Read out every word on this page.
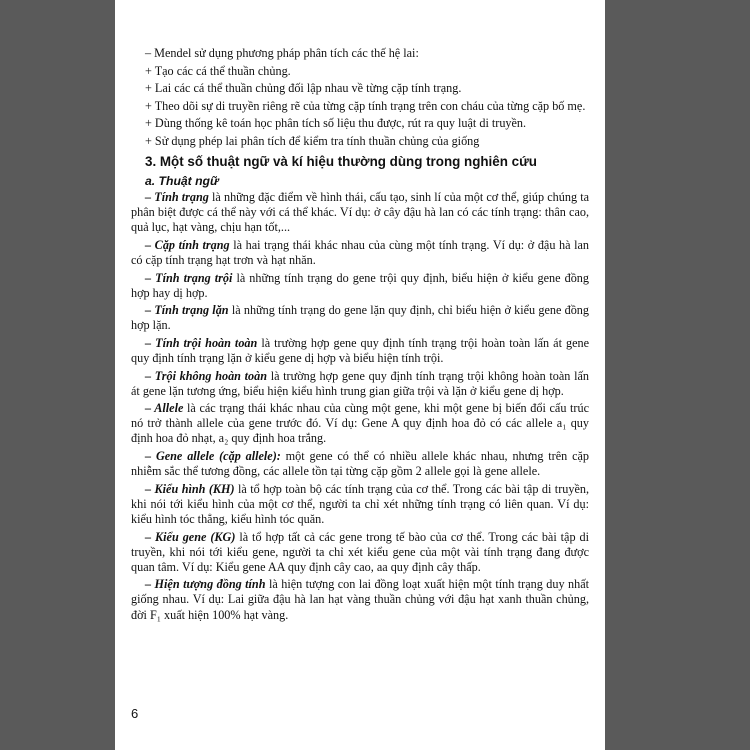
– Mendel sử dụng phương pháp phân tích các thế hệ lai:

+ Tạo các cá thể thuần chủng.

+ Lai các cá thể thuần chủng đối lập nhau về từng cặp tính trạng.

+ Theo dõi sự di truyền riêng rẽ của từng cặp tính trạng trên con cháu của từng cặp bố mẹ.

+ Dùng thống kê toán học phân tích số liệu thu được, rút ra quy luật di truyền.

+ Sử dụng phép lai phân tích để kiểm tra tính thuần chủng của giống

3. Một số thuật ngữ và kí hiệu thường dùng trong nghiên cứu
a. Thuật ngữ

– Tính trạng là những đặc điểm về hình thái, cấu tạo, sinh lí của một cơ thể, giúp chúng ta phân biệt được cá thể này với cá thể khác. Ví dụ: ở cây đậu hà lan có các tính trạng: thân cao, quả lục, hạt vàng, chịu hạn tốt,...

– Cặp tính trạng là hai trạng thái khác nhau của cùng một tính trạng. Ví dụ: ở đậu hà lan có cặp tính trạng hạt trơn và hạt nhăn.

– Tính trạng trội là những tính trạng do gene trội quy định, biểu hiện ở kiểu gene đồng hợp hay dị hợp.

– Tính trạng lặn là những tính trạng do gene lặn quy định, chỉ biểu hiện ở kiểu gene đồng hợp lặn.

– Tính trội hoàn toàn là trường hợp gene quy định tính trạng trội hoàn toàn lấn át gene quy định tính trạng lặn ở kiểu gene dị hợp và biểu hiện tính trội.

– Trội không hoàn toàn là trường hợp gene quy định tính trạng trội không hoàn toàn lấn át gene lặn tương ứng, biểu hiện kiểu hình trung gian giữa trội và lặn ở kiểu gene dị hợp.

– Allele là các trạng thái khác nhau của cùng một gene, khi một gene bị biến đổi cấu trúc nó trở thành allele của gene trước đó. Ví dụ: Gene A quy định hoa đỏ có các allele a₁ quy định hoa đỏ nhạt, a₂ quy định hoa trắng.

– Gene allele (cặp allele): một gene có thể có nhiều allele khác nhau, nhưng trên cặp nhiễm sắc thể tương đồng, các allele tồn tại từng cặp gồm 2 allele gọi là gene allele.

– Kiểu hình (KH) là tổ hợp toàn bộ các tính trạng của cơ thể. Trong các bài tập di truyền, khi nói tới kiểu hình của một cơ thể, người ta chỉ xét những tính trạng có liên quan. Ví dụ: kiểu hình tóc thẳng, kiểu hình tóc quăn.

– Kiểu gene (KG) là tổ hợp tất cả các gene trong tế bào của cơ thể. Trong các bài tập di truyền, khi nói tới kiểu gene, người ta chỉ xét kiểu gene của một vài tính trạng đang được quan tâm. Ví dụ: Kiểu gene AA quy định cây cao, aa quy định cây thấp.

– Hiện tượng đồng tính là hiện tượng con lai đồng loạt xuất hiện một tính trạng duy nhất giống nhau. Ví dụ: Lai giữa đậu hà lan hạt vàng thuần chủng với đậu hạt xanh thuần chủng, đời F₁ xuất hiện 100% hạt vàng.

6
